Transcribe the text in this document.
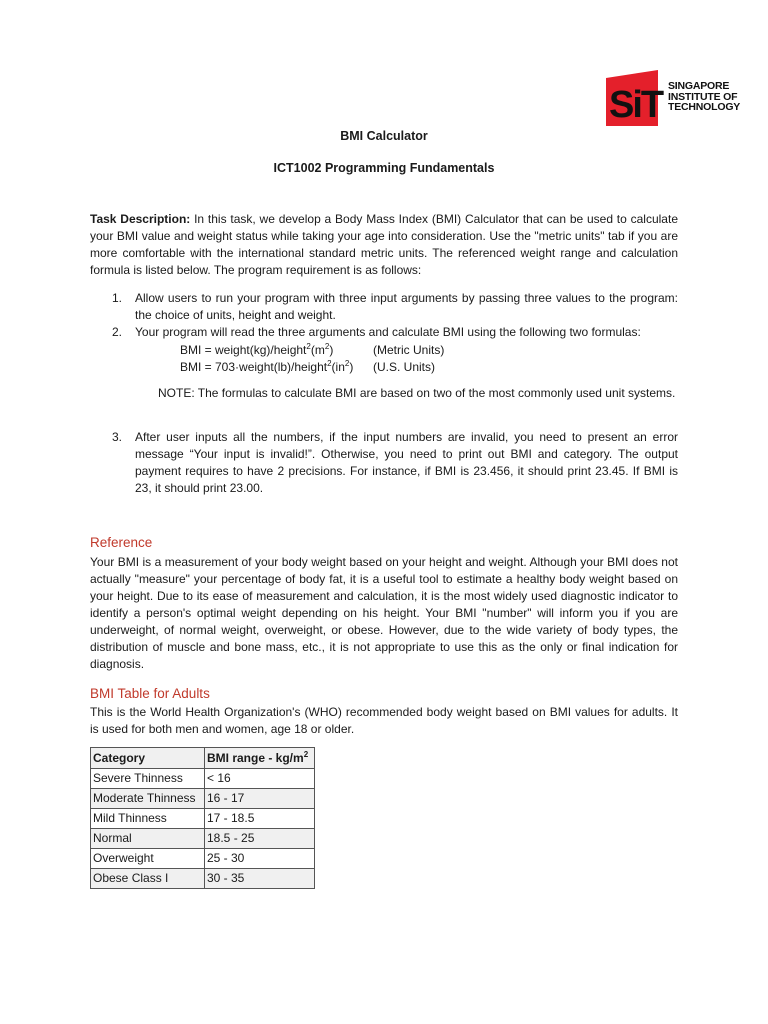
SiT SINGAPORE
INSTITUTE OF
TECHNOLOGY
BMI Calculator
ICT1002 Programming Fundamentals
Task Description: In this task, we develop a Body Mass Index (BMI) Calculator that can be used to calculate your BMI value and weight status while taking your age into consideration. Use the "metric units" tab if you are more comfortable with the international standard metric units. The referenced weight range and calculation formula is listed below. The program requirement is as follows:
1. Allow users to run your program with three input arguments by passing three values to the program: the choice of units, height and weight.
2. Your program will read the three arguments and calculate BMI using the following two formulas:
BMI = $weight(kg)/height^2(m^2)$	(Metric Units)
BMI = $703\cdot weight(lb)/height^2(in^2)$ (U.S. Units)
NOTE: The formulas to calculate BMI are based on two of the most commonly used unit systems.
3. After user inputs all the numbers, if the input numbers are invalid, you need to present an error message “Your input is invalid!”. Otherwise, you need to print out BMI and category. The output payment requires to have 2 precisions. For instance, if BMI is 23.456, it should print 23.45. If BMI is 23, it should print 23.00.
Reference
Your BMI is a measurement of your body weight based on your height and weight. Although your BMI does not actually "measure" your percentage of body fat, it is a useful tool to estimate a healthy body weight based on your height. Due to its ease of measurement and calculation, it is the most widely used diagnostic indicator to identify a person's optimal weight depending on his height. Your BMI "number" will inform you if you are underweight, of normal weight, overweight, or obese. However, due to the wide variety of body types, the distribution of muscle and bone mass, etc., it is not appropriate to use this as the only or final indication for diagnosis.
BMI Table for Adults
This is the World Health Organization's (WHO) recommended body weight based on BMI values for adults. It is used for both men and women, age 18 or older.
Category	BMI range - $kg/m^2$
Severe Thinness	< 16
Moderate Thinness	16 - 17
Mild Thinness	17 - 18.5
Normal	18.5 - 25
Overweight	25 - 30
Obese Class I	30 - 35
